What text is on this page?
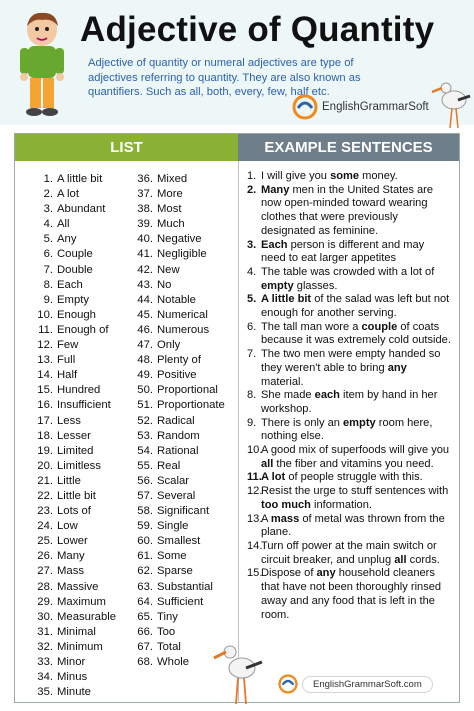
Adjective of Quantity
Adjective of quantity or numeral adjectives are type of adjectives referring to quantity. They are also known as quantifiers. Such as all, both, every, few, half etc.
EnglishGrammarSoft
LIST	EXAMPLE SENTENCES
1. A little bit
2. A lot
3. Abundant
4. All
5. Any
6. Couple
7. Double
8. Each
9. Empty
10. Enough
11. Enough of
12. Few
13. Full
14. Half
15. Hundred
16. Insufficient
17. Less
18. Lesser
19. Limited
20. Limitless
21. Little
22. Little bit
23. Lots of
24. Low
25. Lower
26. Many
27. Mass
28. Massive
29. Maximum
30. Measurable
31. Minimal
32. Minimum
33. Minor
34. Minus
35. Minute
36. Mixed
37. More
38. Most
39. Much
40. Negative
41. Negligible
42. New
43. No
44. Notable
45. Numerical
46. Numerous
47. Only
48. Plenty of
49. Positive
50. Proportional
51. Proportionate
52. Radical
53. Random
54. Rational
55. Real
56. Scalar
57. Several
58. Significant
59. Single
60. Smallest
61. Some
62. Sparse
63. Substantial
64. Sufficient
65. Tiny
66. Too
67. Total
68. Whole
1. I will give you some money.
2. Many men in the United States are now open-minded toward wearing clothes that were previously designated as feminine.
3. Each person is different and may need to eat larger appetites
4. The table was crowded with a lot of empty glasses.
5. A little bit of the salad was left but not enough for another serving.
6. The tall man wore a couple of coats because it was extremely cold outside.
7. The two men were empty handed so they weren't able to bring any material.
8. She made each item by hand in her workshop.
9. There is only an empty room here, nothing else.
10.
A good mix of superfoods will give you all the fiber and vitamins you need.
11. A lot of people struggle with this.
12.
Resist the urge to stuff sentences with too much information.
13.
A mass of metal was thrown from the plane.
14.
Turn off power at the main switch or circuit breaker, and unplug all cords.
15.
Dispose of any household cleaners that have not been thoroughly rinsed away and any food that is left in the room.
EnglishGrammarSoft.com
